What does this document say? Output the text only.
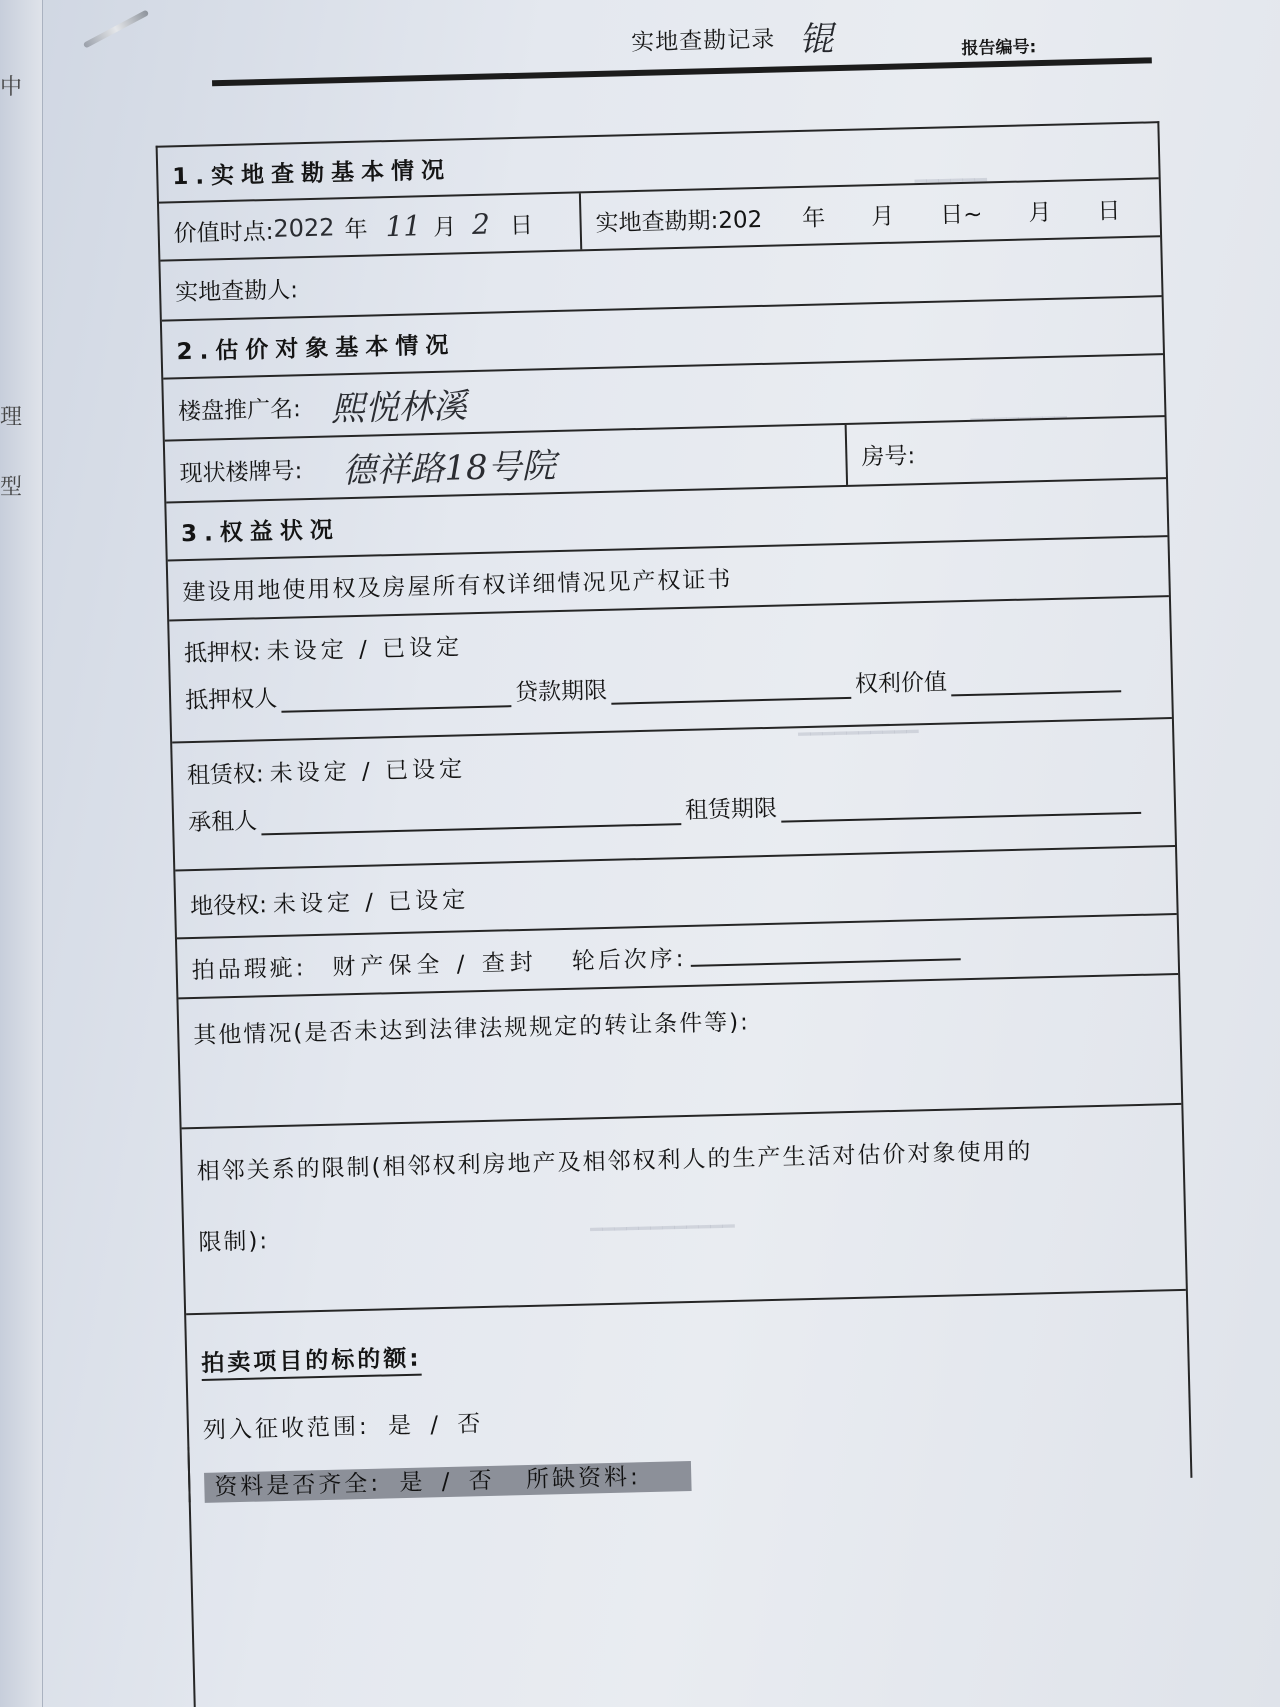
中
理
型
━━━━━━
━━━━━━━━
━━━━━━━━━━
━━━━━━━━━━━━
实地查勘记录 锟	报告编号:
1.实地查勘基本情况
价值时点: 2022 年 11 月 2 日	实地查勘期:202 年　　月　　日~　　月　　日
实地查勘人:
2.估价对象基本情况
楼盘推广名: 熙悦林溪
现状楼牌号: 德祥路18号院	房号:
3.权益状况
建设用地使用权及房屋所有权详细情况见产权证书
抵押权: 未设定 / 已设定
抵押权人	贷款期限	权利价值
租赁权: 未设定 / 已设定
承租人	租赁期限
地役权: 未设定 / 已设定
拍品瑕疵: 财产保全 / 查封 轮后次序:
其他情况(是否未达到法律法规规定的转让条件等):
相邻关系的限制(相邻权利房地产及相邻权利人的生产生活对估价对象使用的
限制):
拍卖项目的标的额:
列入征收范围: 是 / 否
资料是否齐全: 是 / 否 所缺资料:
